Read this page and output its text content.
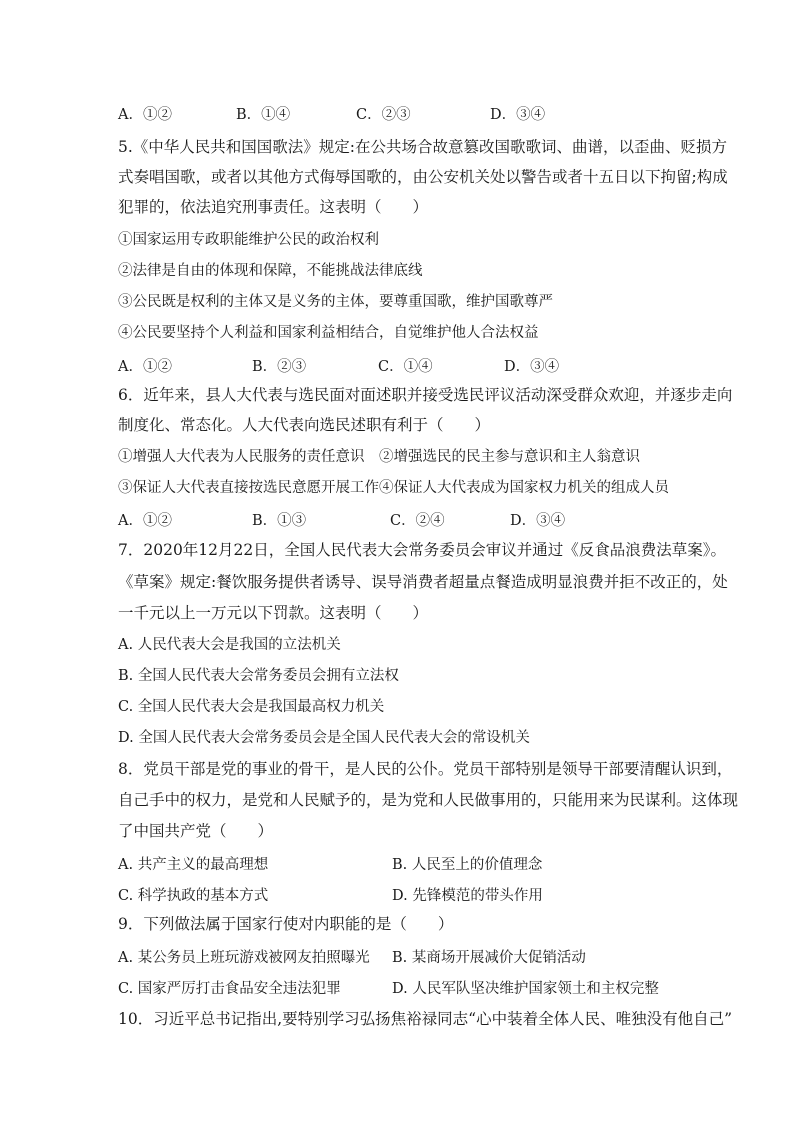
A．①②	B．①④	C．②③	D．③④
5.《中华人民共和国国歌法》规定:在公共场合故意篡改国歌歌词、曲谱，以歪曲、贬损方
式奏唱国歌，或者以其他方式侮辱国歌的，由公安机关处以警告或者十五日以下拘留;构成
犯罪的，依法追究刑事责任。这表明（　　）
①国家运用专政职能维护公民的政治权利
②法律是自由的体现和保障，不能挑战法律底线
③公民既是权利的主体又是义务的主体，要尊重国歌，维护国歌尊严
④公民要坚持个人利益和国家利益相结合，自觉维护他人合法权益
A．①②	B．②③	C．①④	D．③④
6．近年来，县人大代表与选民面对面述职并接受选民评议活动深受群众欢迎，并逐步走向
制度化、常态化。人大代表向选民述职有利于（　　）
①增强人大代表为人民服务的责任意识　②增强选民的民主参与意识和主人翁意识
③保证人大代表直接按选民意愿开展工作④保证人大代表成为国家权力机关的组成人员
A．①②	B．①③	C．②④	D．③④
7．2020年12月22日，全国人民代表大会常务委员会审议并通过《反食品浪费法草案》。
《草案》规定:餐饮服务提供者诱导、误导消费者超量点餐造成明显浪费并拒不改正的，处
一千元以上一万元以下罚款。这表明（　　）
A. 人民代表大会是我国的立法机关
B. 全国人民代表大会常务委员会拥有立法权
C. 全国人民代表大会是我国最高权力机关
D. 全国人民代表大会常务委员会是全国人民代表大会的常设机关
8．党员干部是党的事业的骨干，是人民的公仆。党员干部特别是领导干部要清醒认识到，
自己手中的权力，是党和人民赋予的，是为党和人民做事用的，只能用来为民谋利。这体现
了中国共产党（　　）
A. 共产主义的最高理想	B. 人民至上的价值理念
C. 科学执政的基本方式	D. 先锋模范的带头作用
9．下列做法属于国家行使对内职能的是（　　）
A. 某公务员上班玩游戏被网友拍照曝光 B. 某商场开展减价大促销活动
C. 国家严厉打击食品安全违法犯罪	D. 人民军队坚决维护国家领土和主权完整
10．习近平总书记指出,要特别学习弘扬焦裕禄同志“心中装着全体人民、唯独没有他自己”
